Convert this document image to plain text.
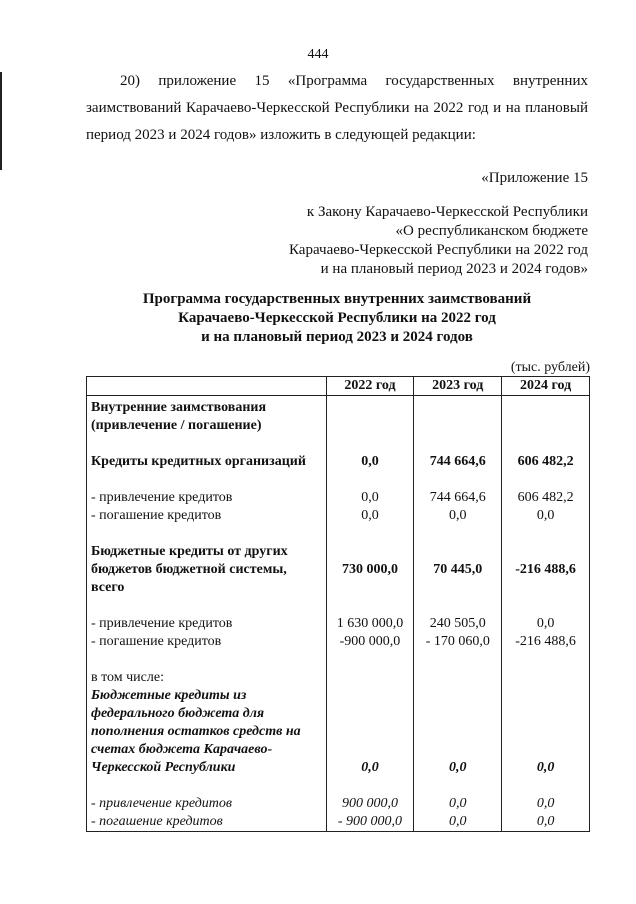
444
20) приложение 15 «Программа государственных внутренних
заимствований Карачаево-Черкесской Республики на 2022 год и на плановый период 2023 и 2024 годов» изложить в следующей редакции:
«Приложение 15
к Закону Карачаево-Черкесской Республики
«О республиканском бюджете
Карачаево-Черкесской Республики на 2022 год
и на плановый период 2023 и 2024 годов»
Программа государственных внутренних заимствований
Карачаево-Черкесской Республики на 2022 год
и на плановый период 2023 и 2024 годов
(тыс. рублей)
	2022 год	2023 год	2024 год
Внутренние заимствования (привлечение / погашение)			

Кредиты кредитных организаций	0,0	744 664,6	606 482,2

- привлечение кредитов	0,0	744 664,6	606 482,2
- погашение кредитов	0,0	0,0	0,0

Бюджетные кредиты от других бюджетов бюджетной системы, всего	730 000,0	70 445,0	-216 488,6

- привлечение кредитов	1 630 000,0	240 505,0	0,0
- погашение кредитов	-900 000,0	- 170 060,0	-216 488,6

в том числе:			
Бюджетные кредиты из федерального бюджета для пополнения остатков средств на счетах бюджета Карачаево-Черкесской Республики	0,0	0,0	0,0

- привлечение кредитов	900 000,0	0,0	0,0
- погашение кредитов	- 900 000,0	0,0	0,0
